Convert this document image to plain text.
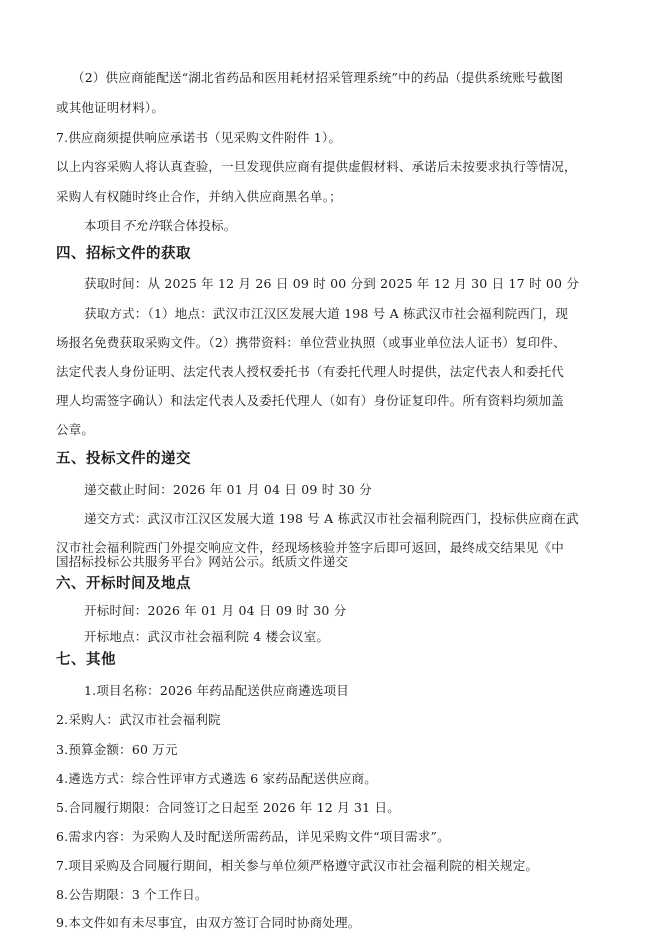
（2）供应商能配送“湖北省药品和医用耗材招采管理系统”中的药品（提供系统账号截图
或其他证明材料）。
7.供应商须提供响应承诺书（见采购文件附件 1）。
以上内容采购人将认真查验，一旦发现供应商有提供虚假材料、承诺后未按要求执行等情况，
采购人有权随时终止合作，并纳入供应商黑名单。；
本项目不允许联合体投标。
四、招标文件的获取
获取时间：从 2025 年 12 月 26 日 09 时 00 分到 2025 年 12 月 30 日 17 时 00 分
获取方式：（1）地点：武汉市江汉区发展大道 198 号 A 栋武汉市社会福利院西门，现
场报名免费获取采购文件。（2）携带资料：单位营业执照（或事业单位法人证书）复印件、
法定代表人身份证明、法定代表人授权委托书（有委托代理人时提供，法定代表人和委托代
理人均需签字确认）和法定代表人及委托代理人（如有）身份证复印件。所有资料均须加盖
公章。
五、投标文件的递交
递交截止时间：2026 年 01 月 04 日 09 时 30 分
递交方式：武汉市江汉区发展大道 198 号 A 栋武汉市社会福利院西门，投标供应商在武
汉市社会福利院西门外提交响应文件，经现场核验并签字后即可返回，最终成交结果见《中
国招标投标公共服务平台》网站公示。纸质文件递交
六、开标时间及地点
开标时间：2026 年 01 月 04 日 09 时 30 分
开标地点：武汉市社会福利院 4 楼会议室。
七、其他
1.项目名称：2026 年药品配送供应商遴选项目
2.采购人：武汉市社会福利院
3.预算金额：60 万元
4.遴选方式：综合性评审方式遴选 6 家药品配送供应商。
5.合同履行期限：合同签订之日起至 2026 年 12 月 31 日。
6.需求内容：为采购人及时配送所需药品，详见采购文件“项目需求”。
7.项目采购及合同履行期间，相关参与单位须严格遵守武汉市社会福利院的相关规定。
8.公告期限：3 个工作日。
9.本文件如有未尽事宜，由双方签订合同时协商处理。
